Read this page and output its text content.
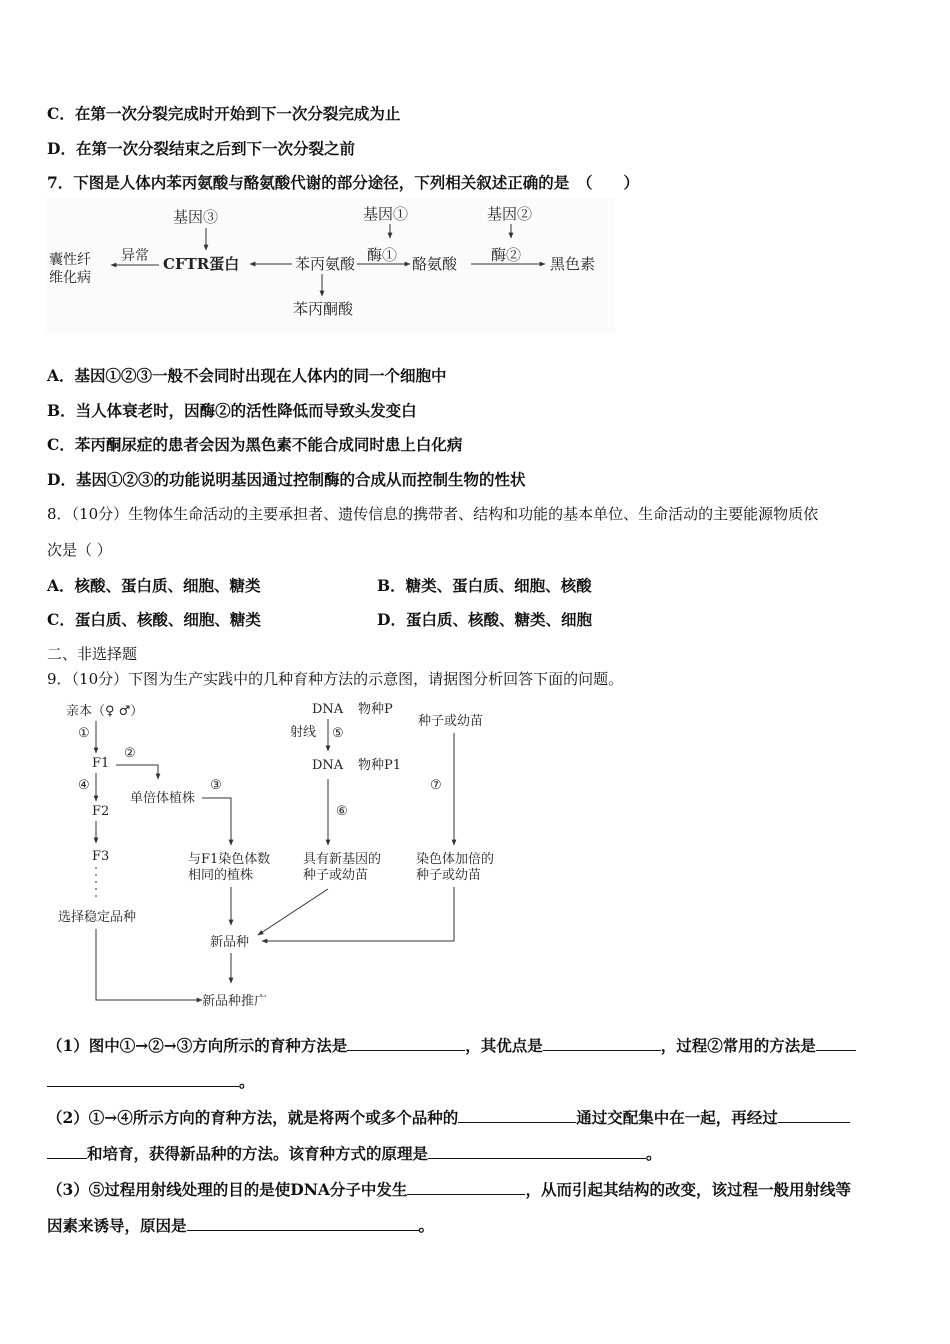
C．在第一次分裂完成时开始到下一次分裂完成为止
D．在第一次分裂结束之后到下一次分裂之前
7．下图是人体内苯丙氨酸与酪氨酸代谢的部分途径，下列相关叙述正确的是　（　　）
基因③	基因①	基因②
囊性纤
维化病
异常 CFTR蛋白	苯丙氨酸 酶① 酪氨酸 酶② 黑色素
苯丙酮酸
A．基因①②③一般不会同时出现在人体内的同一个细胞中
B．当人体衰老时，因酶②的活性降低而导致头发变白
C．苯丙酮尿症的患者会因为黑色素不能合成同时患上白化病
D．基因①②③的功能说明基因通过控制酶的合成从而控制生物的性状
8．（10分）生物体生命活动的主要承担者、遗传信息的携带者、结构和功能的基本单位、生命活动的主要能源物质依
次是（ ）
A．核酸、蛋白质、细胞、糖类	B．糖类、蛋白质、细胞、核酸
C．蛋白质、核酸、细胞、糖类	D．蛋白质、核酸、糖类、细胞
二、非选择题
9．（10分）下图为生产实践中的几种育种方法的示意图，请据图分析回答下面的问题。
亲本（♀ ♂）
①
F1
②
④
F2
F3
选择稳定品种
单倍体植株
③
与F1染色体数
相同的植株
新品种
新品种推广
DNA 物种P
射线 ⑤
DNA 物种P1
⑥
具有新基因的
种子或幼苗
种子或幼苗
⑦
染色体加倍的
种子或幼苗
（1）图中①→②→③方向所示的育种方法是	，其优点是	，过程②常用的方法是
。
（2）①→④所示方向的育种方法，就是将两个或多个品种的	通过交配集中在一起，再经过
和培育，获得新品种的方法。该育种方式的原理是	。
（3）⑤过程用射线处理的目的是使DNA分子中发生	，从而引起其结构的改变，该过程一般用射线等
因素来诱导，原因是	。
